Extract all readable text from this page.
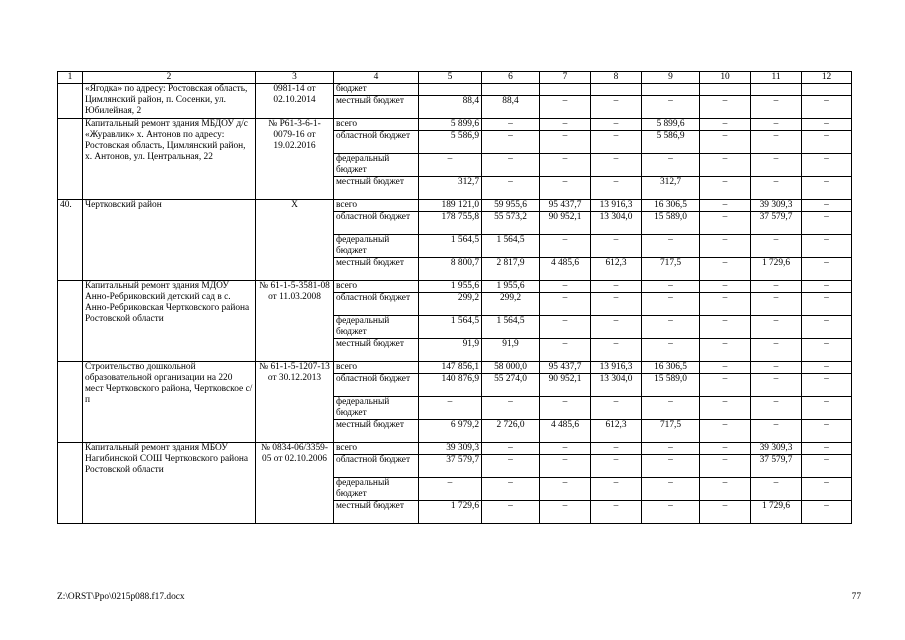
1	2	3	4	5	6	7	8	9	10	11	12
	«Ягодка» по адресу: Ростовская область, Цимлянский район, п. Сосенки, ул. Юбилейная, 2	0981-14 от 02.10.2014	бюджет								
			местный бюджет	88,4	88,4	–	–	–	–	–	–
	Капитальный ремонт здания МБДОУ д/с «Журавлик» х. Антонов по адресу: Ростовская область, Цимлянский район, х. Антонов, ул. Центральная, 22	№ Р61-3-6-1-0079-16 от 19.02.2016	всего	5 899,6	–	–	–	5 899,6	–	–	–
			областной бюджет	5 586,9	–	–	–	5 586,9	–	–	–
			федеральный бюджет	–	–	–	–	–	–	–	–
			местный бюджет	312,7	–	–	–	312,7	–	–	–
40.	Чертковский район	Х	всего	189 121,0	59 955,6	95 437,7	13 916,3	16 306,5	–	39 309,3	–
			областной бюджет	178 755,8	55 573,2	90 952,1	13 304,0	15 589,0	–	37 579,7	–
			федеральный бюджет	1 564,5	1 564,5	–	–	–	–	–	–
			местный бюджет	8 800,7	2 817,9	4 485,6	612,3	717,5	–	1 729,6	–
	Капитальный ремонт здания МДОУ Анно-Ребриковский детский сад в с. Анно-Ребриковская Чертковского района Ростовской области	№ 61-1-5-3581-08 от 11.03.2008	всего	1 955,6	1 955,6	–	–	–	–	–	–
			областной бюджет	299,2	299,2	–	–	–	–	–	–
			федеральный бюджет	1 564,5	1 564,5	–	–	–	–	–	–
			местный бюджет	91,9	91,9	–	–	–	–	–	–
	Строительство дошкольной образовательной организации на 220 мест Чертковского района, Чертковское с/п	№ 61-1-5-1207-13 от 30.12.2013	всего	147 856,1	58 000,0	95 437,7	13 916,3	16 306,5	–	–	–
			областной бюджет	140 876,9	55 274,0	90 952,1	13 304,0	15 589,0	–	–	–
			федеральный бюджет	–	–	–	–	–	–	–	–
			местный бюджет	6 979,2	2 726,0	4 485,6	612,3	717,5	–	–	–
	Капитальный ремонт здания МБОУ Нагибинской СОШ Чертковского района Ростовской области	№ 0834-06/3359-05 от 02.10.2006	всего	39 309,3	–	–	–	–	–	39 309,3	–
			областной бюджет	37 579,7	–	–	–	–	–	37 579,7	–
			федеральный бюджет	–	–	–	–	–	–	–	–
			местный бюджет	1 729,6	–	–	–	–	–	1 729,6	–
Z:\ORST\Ppo\0215p088.f17.docx	77
